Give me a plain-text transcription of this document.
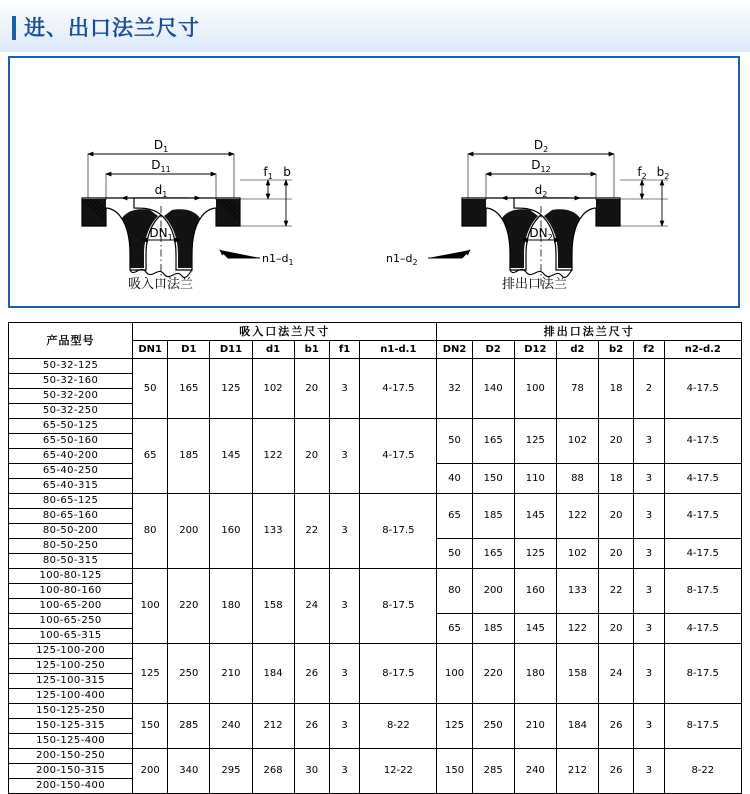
进、出口法兰尺寸
$D_1$
$D_{11}$
$d_1$
$f_1$ b
$DN_1$
$n1-d_1$
$D_2$
$D_{12}$
$d_2$
$f_2$ $b_2$
$DN_2$
$n1-d_2$
吸入口法兰	排出口法兰
产品型号	吸入口法兰尺寸							排出口法兰尺寸						
	DN1	D1	D11	d1	b1	f1	n1-d.1	DN2	D2	D12	d2	b2	f2	n2-d.2
50-32-125	50	165	125	102	20	3	4-17.5	32	140	100	78	18	2	4-17.5
50-32-160														
50-32-200														
50-32-250														
65-50-125	65	185	145	122	20	3	4-17.5	50	165	125	102	20	3	4-17.5
65-50-160														
65-40-200														
65-40-250								40	150	110	88	18	3	4-17.5
65-40-315														
80-65-125	80	200	160	133	22	3	8-17.5	65	185	145	122	20	3	4-17.5
80-65-160														
80-50-200														
80-50-250								50	165	125	102	20	3	4-17.5
80-50-315														
100-80-125	100	220	180	158	24	3	8-17.5	80	200	160	133	22	3	8-17.5
100-80-160														
100-65-200														
100-65-250								65	185	145	122	20	3	4-17.5
100-65-315														
125-100-200	125	250	210	184	26	3	8-17.5	100	220	180	158	24	3	8-17.5
125-100-250														
125-100-315														
125-100-400														
150-125-250	150	285	240	212	26	3	8-22	125	250	210	184	26	3	8-17.5
150-125-315														
150-125-400														
200-150-250	200	340	295	268	30	3	12-22	150	285	240	212	26	3	8-22
200-150-315														
200-150-400														
